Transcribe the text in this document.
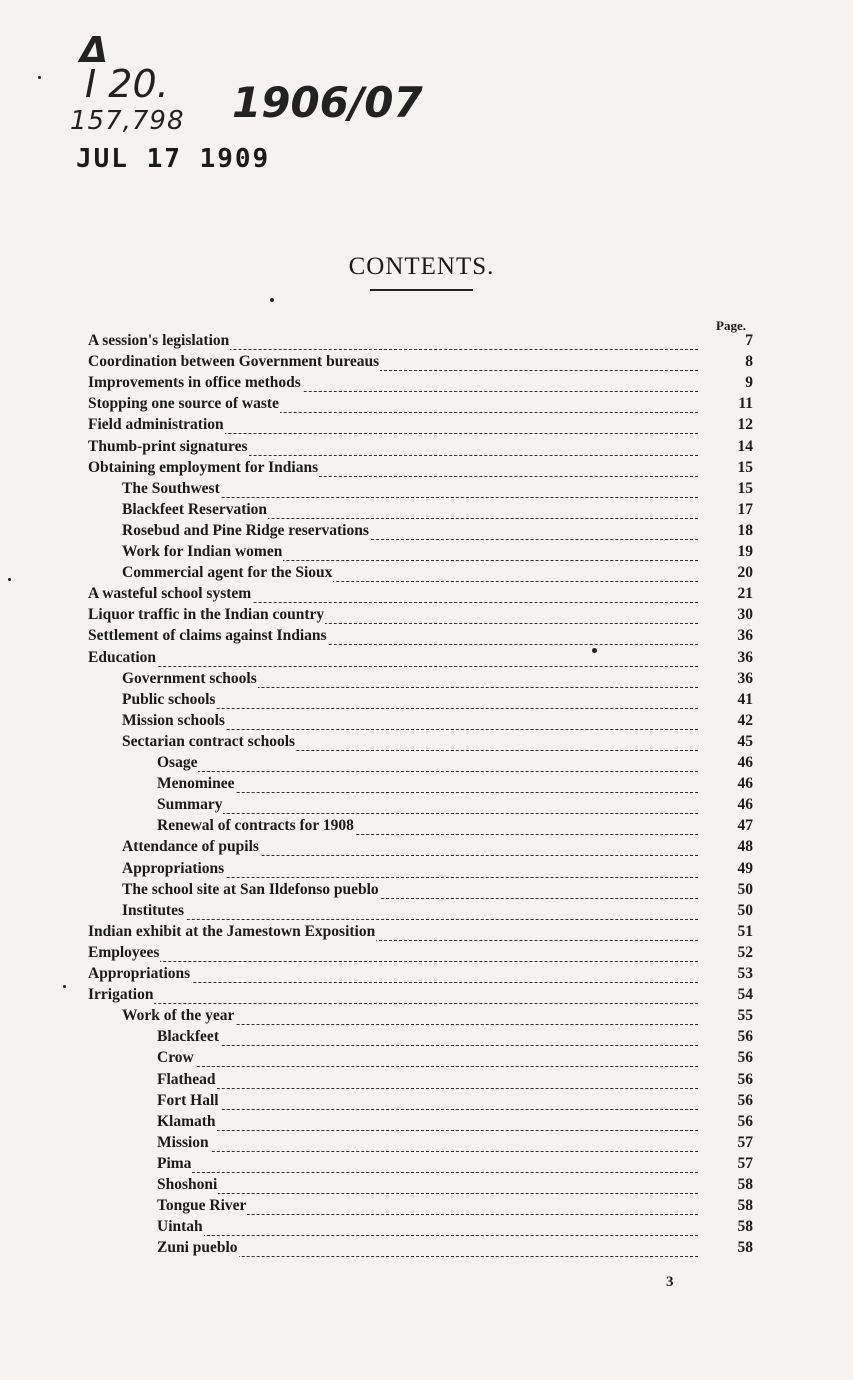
Δ
I 20.
157,798 1906/07
JUL 17 1909
CONTENTS.
Page.
A session's legislation	7
Coordination between Government bureaus	8
Improvements in office methods	9
Stopping one source of waste	11
Field administration	12
Thumb-print signatures	14
Obtaining employment for Indians	15
The Southwest	15
Blackfeet Reservation	17
Rosebud and Pine Ridge reservations	18
Work for Indian women	19
Commercial agent for the Sioux	20
A wasteful school system	21
Liquor traffic in the Indian country	30
Settlement of claims against Indians	36
Education	36
Government schools	36
Public schools	41
Mission schools	42
Sectarian contract schools	45
Osage	46
Menominee	46
Summary	46
Renewal of contracts for 1908	47
Attendance of pupils	48
Appropriations	49
The school site at San Ildefonso pueblo	50
Institutes	50
Indian exhibit at the Jamestown Exposition	51
Employees	52
Appropriations	53
Irrigation	54
Work of the year	55
Blackfeet	56
Crow	56
Flathead	56
Fort Hall	56
Klamath	56
Mission	57
Pima	57
Shoshoni	58
Tongue River	58
Uintah	58
Zuni pueblo	58
3
